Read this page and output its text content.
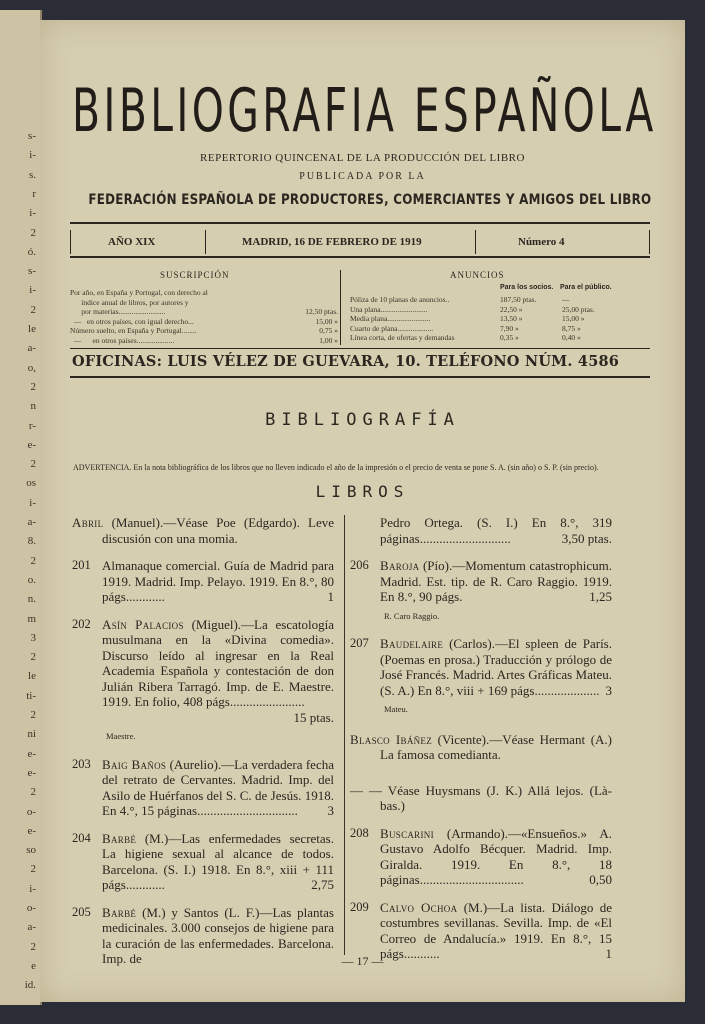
s-
i-
s.
r
i-
2
ó.
s-
i-
2
le
a-
o,
2
n
r-
e-
2
os
i-
a-
8.
2
o.
n.
m
3
2
le
ti-
2
ni
e-
e-
2
o-
e-
so
2
i-
o-
a-
2
e
id.
BIBLIOGRAFIA ESPAÑOLA
REPERTORIO QUINCENAL DE LA PRODUCCIÓN DEL LIBRO
PUBLICADA POR LA
FEDERACIÓN ESPAÑOLA DE PRODUCTORES, COMERCIANTES Y AMIGOS DEL LIBRO
AÑO XIX	MADRID, 16 DE FEBRERO DE 1919	Número 4
SUSCRIPCIÓN
Por año, en España y Portugal, con derecho al
índice anual de libros, por autores y
por materias.........................	12,50 ptas.
—   en otros países, con igual derecho...	15,00 »
Número suelto, en España y Portugal........	0,75 »
—      en otros países....................	1,00 »
ANUNCIOS
Para los socios. Para el público.
Póliza de 10 planas de anuncios..	187,50 ptas.	—
Una plana.........................	22,50 »	25,00 ptas.
Media plana.......................	13,50 »	15,00 »
Cuarto de plana...................	7,90 »	8,75 »
Línea corta, de ofertas y demandas	0,35 »	0,40 »
OFICINAS: LUIS VÉLEZ DE GUEVARA, 10. TELÉFONO NÚM. 4586
BIBLIOGRAFÍA
ADVERTENCIA. En la nota bibliográfica de los libros que no lleven indicado el año de la impresión o el precio de venta se pone S. A. (sin año) o S. P. (sin precio).
LIBROS
Abril (Manuel).—Véase Poe (Edgardo). Leve discusión con una momia.
201 Almanaque comercial. Guía de Madrid para 1919. Madrid. Imp. Pelayo. 1919. En 8.°, 80 págs............	1
202 Asín Palacios (Miguel).—La escatología musulmana en la «Divina comedia». Discurso leído al ingresar en la Real Academia Española y contestación de don Julián Ribera Tarragó. Imp. de E. Maestre. 1919. En folio, 408 págs.......................
15 ptas.
Maestre.
203 Baig Baños (Aurelio).—La verdadera fecha del retrato de Cervantes. Madrid. Imp. del Asilo de Huérfanos del S. C. de Jesús. 1918. En 4.°, 15 páginas............................... 3
204 Barbé (M.)—Las enfermedades secretas. La higiene sexual al alcance de todos. Barcelona. (S. I.) 1918. En 8.°, xiii + 111 págs............	2,75
205 Barbé (M.) y Santos (L. F.)—Las plantas medicinales. 3.000 consejos de higiene para la curación de las enfermedades. Barcelona. Imp. de
Pedro Ortega. (S. I.) En 8.°, 319 páginas............................	3,50 ptas.
206 Baroja (Pío).—Momentum catastrophicum. Madrid. Est. tip. de R. Caro Raggio. 1919. En 8.°, 90 págs.	1,25
R. Caro Raggio.
207 Baudelaire (Carlos).—El spleen de París. (Poemas en prosa.) Traducción y prólogo de José Francés. Madrid. Artes Gráficas Mateu. (S. A.) En 8.°, viii + 169 págs.................... 3
Mateu.
Blasco Ibáñez (Vicente).—Véase Hermant (A.) La famosa comedianta.
— — Véase Huysmans (J. K.) Allá lejos. (Là-bas.)
208 Buscarini (Armando).—«Ensueños.» A. Gustavo Adolfo Bécquer. Madrid. Imp. Giralda. 1919. En 8.°, 18 páginas................................	0,50
209 Calvo Ochoa (M.)—La lista. Diálogo de costumbres sevillanas. Sevilla. Imp. de «El Correo de Andalucía.» 1919. En 8.°, 15 págs...........	1
— 17 —
